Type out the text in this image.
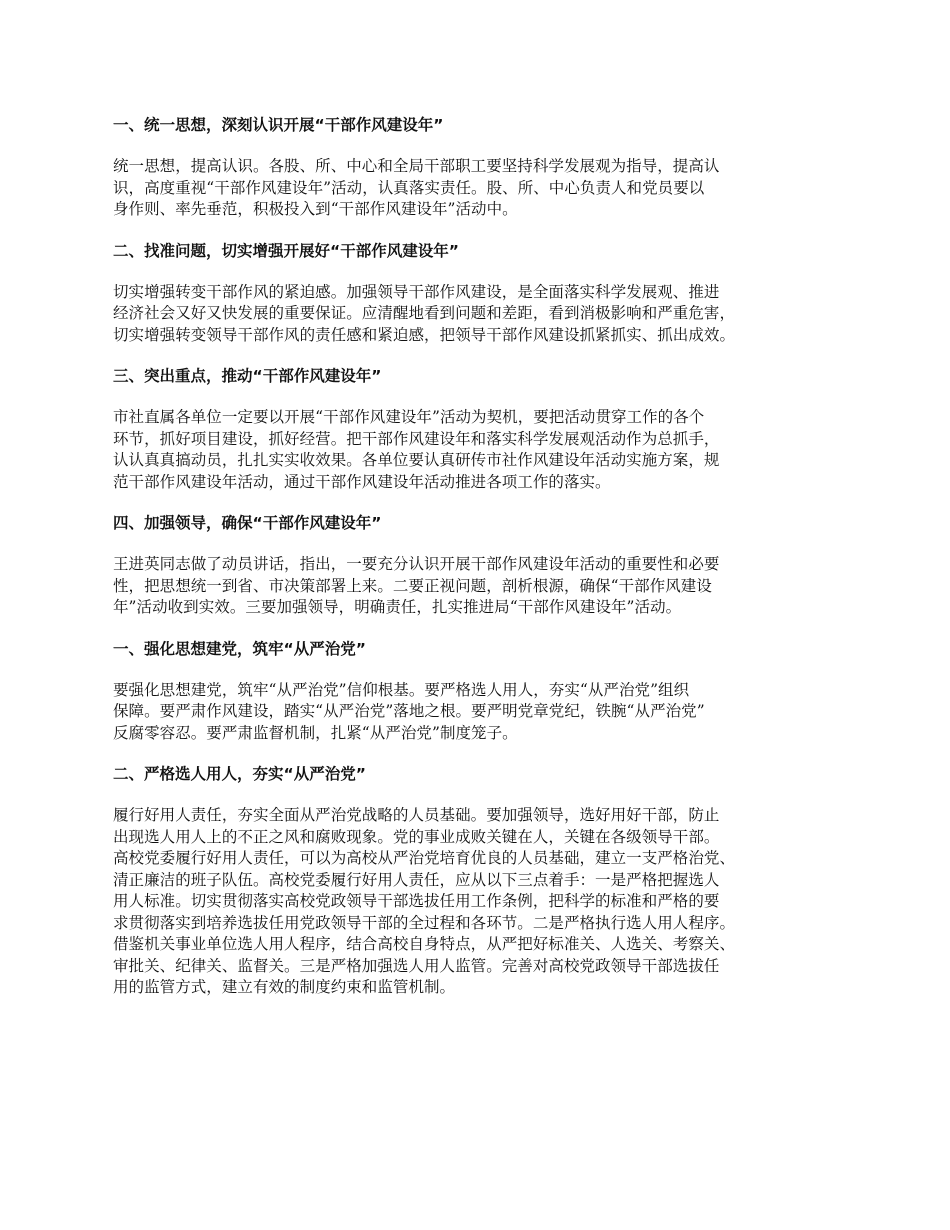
一、统一思想，深刻认识开展“干部作风建设年”
统一思想，提高认识。各股、所、中心和全局干部职工要坚持科学发展观为指导，提高认
识，高度重视“干部作风建设年”活动，认真落实责任。股、所、中心负责人和党员要以
身作则、率先垂范，积极投入到“干部作风建设年”活动中。
二、找准问题，切实增强开展好“干部作风建设年”
切实增强转变干部作风的紧迫感。加强领导干部作风建设，是全面落实科学发展观、推进
经济社会又好又快发展的重要保证。应清醒地看到问题和差距，看到消极影响和严重危害，
切实增强转变领导干部作风的责任感和紧迫感，把领导干部作风建设抓紧抓实、抓出成效。
三、突出重点，推动“干部作风建设年”
市社直属各单位一定要以开展“干部作风建设年”活动为契机，要把活动贯穿工作的各个
环节，抓好项目建设，抓好经营。把干部作风建设年和落实科学发展观活动作为总抓手，
认认真真搞动员，扎扎实实收效果。各单位要认真研传市社作风建设年活动实施方案，规
范干部作风建设年活动，通过干部作风建设年活动推进各项工作的落实。
四、加强领导，确保“干部作风建设年”
王进英同志做了动员讲话，指出，一要充分认识开展干部作风建设年活动的重要性和必要
性，把思想统一到省、市决策部署上来。二要正视问题，剖析根源，确保“干部作风建设
年”活动收到实效。三要加强领导，明确责任，扎实推进局“干部作风建设年”活动。
一、强化思想建党，筑牢“从严治党”
要强化思想建党，筑牢“从严治党”信仰根基。要严格选人用人，夯实“从严治党”组织
保障。要严肃作风建设，踏实“从严治党”落地之根。要严明党章党纪，铁腕“从严治党”
反腐零容忍。要严肃监督机制，扎紧“从严治党”制度笼子。
二、严格选人用人，夯实“从严治党”
履行好用人责任，夯实全面从严治党战略的人员基础。要加强领导，选好用好干部，防止
出现选人用人上的不正之风和腐败现象。党的事业成败关键在人，关键在各级领导干部。
高校党委履行好用人责任，可以为高校从严治党培育优良的人员基础，建立一支严格治党、
清正廉洁的班子队伍。高校党委履行好用人责任，应从以下三点着手：一是严格把握选人
用人标准。切实贯彻落实高校党政领导干部选拔任用工作条例，把科学的标准和严格的要
求贯彻落实到培养选拔任用党政领导干部的全过程和各环节。二是严格执行选人用人程序。
借鉴机关事业单位选人用人程序，结合高校自身特点，从严把好标准关、人选关、考察关、
审批关、纪律关、监督关。三是严格加强选人用人监管。完善对高校党政领导干部选拔任
用的监管方式，建立有效的制度约束和监管机制。
